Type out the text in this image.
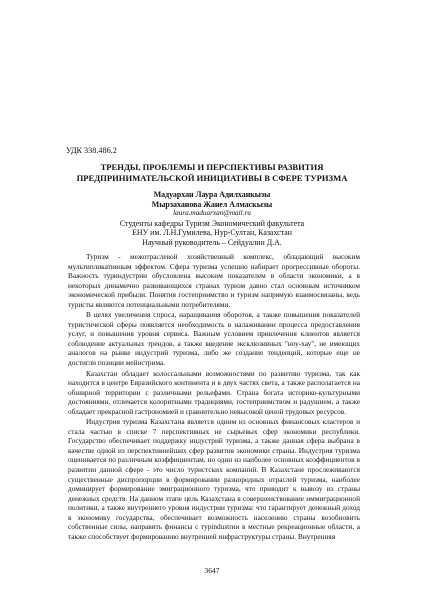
УДК 338.486.2
ТРЕНДЫ, ПРОБЛЕМЫ И ПЕРСПЕКТИВЫ РАЗВИТИЯ
ПРЕДПРИНИМАТЕЛЬСКОЙ ИНИЦИАТИВЫ В СФЕРЕ ТУРИЗМА
Мадуархан Лаура Адилханкызы
Мырзаханова Жанел Алмаскызы
laura.maduarxan@mail.ru
Студенты кафедры Туризм Экономический факультета
ЕНУ им. Л.Н.Гумилева, Нур-Султан, Казахстан
Научный руководитель – Сейдуалин Д.А.

Туризм - межотраслевой хозяйственный комплекс, обладающий высоким мультипликативным эффектом. Сфера туризма успешно набирает прогрессивные обороты. Важность туриндустрии обусловлена высоким показателем в области экономики, а в некоторых динамично развивающихся странах туризм давно стал основным источником экономической прибыли. Понятия гостеприимство и туризм напрямую взаимосвязаны, ведь туристы являются потенциальными потребителями.

В целях увеличения спроса, наращивания оборотов, а также повышения показателей туристической сферы появляется необходимость в налаживании процесса предоставления услуг, и повышения уровня сервиса. Важным условием привлечения клиентов является соблюдение актуальных трендов, а также введение эксклюзивных "ноу-хау", не имеющих аналогов на рынке индустрий туризма, либо же создание тенденций, которые еще не достигли позиции мейнстрима.

Казахстан обладает колоссальными возможностями по развитию туризма, так как находится в центре Евразийского континента и в двух частях света, а также располагается на обширной территории с различными рельефами. Страна богата историко-культурными достояниями, отличается колоритными традициями, гостеприимством и радушием, а также обладает прекрасной гастрономией и сравнительно невысокой ценой трудовых ресурсов.

Индустрия туризма Казахстана является одним из основных финансовых кластеров и стала частью в списке 7 перспективных не сырьевых сфер экономики республики. Государство обеспечивает поддержку индустрий туризма, а также данная сфера выбрана в качестве одной из перспективнейших сфер развития экономики страны. Индустрия туризма оценивается по различным коэффициентам, но один из наиболее основных коэффициентов в развитии данной сфере - это число туристских компаний. В Казахстане прослеживаются существенные диспропорции в формировании разнородных отраслей туризма, наиболее доминирует формирование эмиграционного туризма, что приводит к вывозу из страны денежных средств. На данном этапе цель Казахстана в совершенствование иммиграционной политики, а также внутреннего уровня индустрии туризма: что гарантирует денежный доход в экономику государства, обеспечивает возможность населению страны возобновить собственные силы, направить финансы с турindustrии в местные рекреационные области, а также способствует формированию внутренней инфраструктуры страны. Внутренняя

3647
